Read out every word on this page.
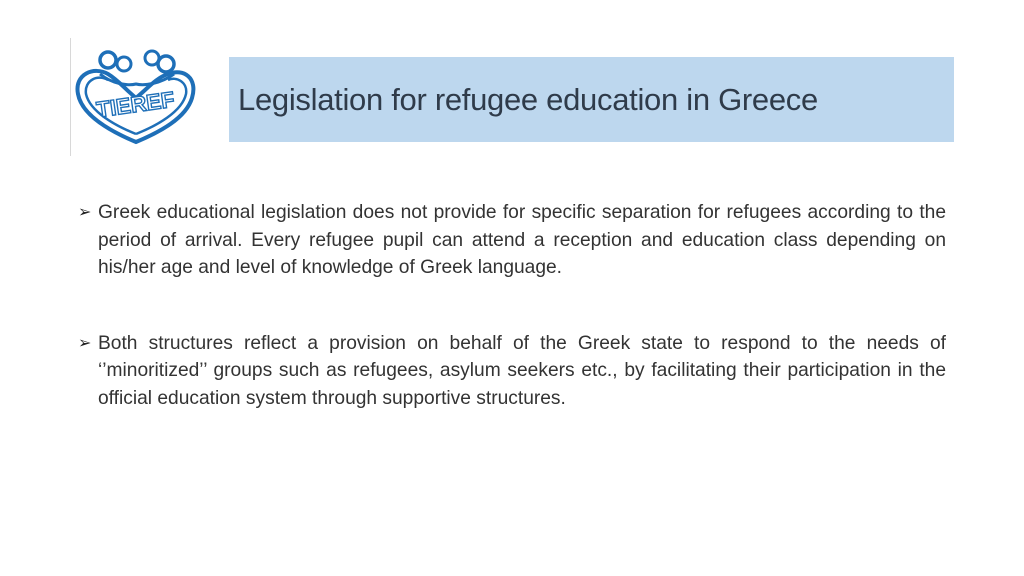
TIEREF Legislation for refugee education in Greece
➢ Greek educational legislation does not provide for specific separation for refugees according to the period of arrival. Every refugee pupil can attend a reception and education class depending on his/her age and level of knowledge of Greek language.
➢ Both structures reflect a provision on behalf of the Greek state to respond to the needs of ‘’minoritized’’ groups such as refugees, asylum seekers etc., by facilitating their participation in the official education system through supportive structures.
